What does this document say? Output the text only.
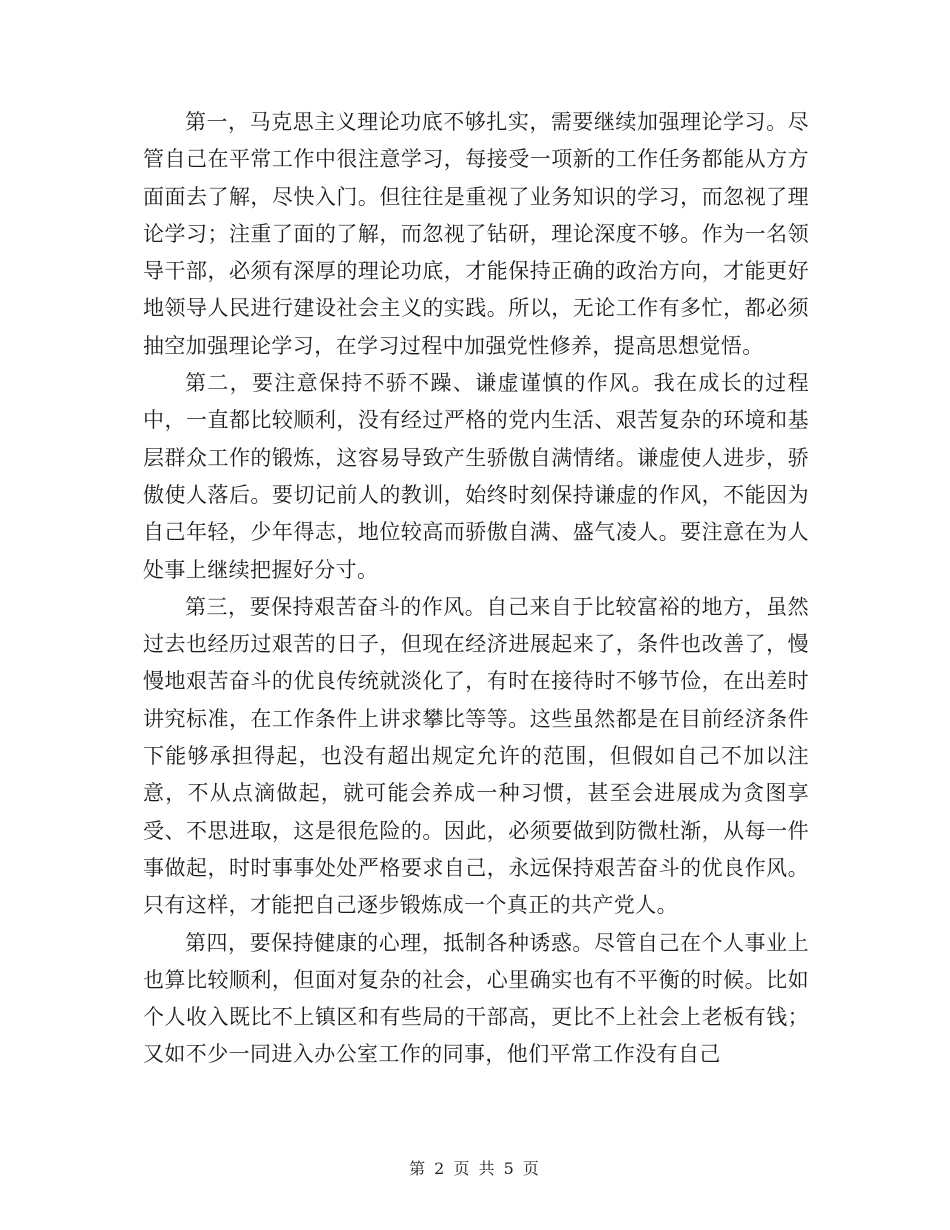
第一，马克思主义理论功底不够扎实，需要继续加强理论学习。尽管自己在平常工作中很注意学习，每接受一项新的工作任务都能从方方面面去了解，尽快入门。但往往是重视了业务知识的学习，而忽视了理论学习；注重了面的了解，而忽视了钻研，理论深度不够。作为一名领导干部，必须有深厚的理论功底，才能保持正确的政治方向，才能更好地领导人民进行建设社会主义的实践。所以，无论工作有多忙，都必须抽空加强理论学习，在学习过程中加强党性修养，提高思想觉悟。

第二，要注意保持不骄不躁、谦虚谨慎的作风。我在成长的过程中，一直都比较顺利，没有经过严格的党内生活、艰苦复杂的环境和基层群众工作的锻炼，这容易导致产生骄傲自满情绪。谦虚使人进步，骄傲使人落后。要切记前人的教训，始终时刻保持谦虚的作风，不能因为自己年轻，少年得志，地位较高而骄傲自满、盛气凌人。要注意在为人处事上继续把握好分寸。

第三，要保持艰苦奋斗的作风。自己来自于比较富裕的地方，虽然过去也经历过艰苦的日子，但现在经济进展起来了，条件也改善了，慢慢地艰苦奋斗的优良传统就淡化了，有时在接待时不够节俭，在出差时讲究标准，在工作条件上讲求攀比等等。这些虽然都是在目前经济条件下能够承担得起，也没有超出规定允许的范围，但假如自己不加以注意，不从点滴做起，就可能会养成一种习惯，甚至会进展成为贪图享受、不思进取，这是很危险的。因此，必须要做到防微杜渐，从每一件事做起，时时事事处处严格要求自己，永远保持艰苦奋斗的优良作风。只有这样，才能把自己逐步锻炼成一个真正的共产党人。

第四，要保持健康的心理，抵制各种诱惑。尽管自己在个人事业上也算比较顺利，但面对复杂的社会，心里确实也有不平衡的时候。比如个人收入既比不上镇区和有些局的干部高，更比不上社会上老板有钱；又如不少一同进入办公室工作的同事，他们平常工作没有自己

第 2 页 共 5 页
